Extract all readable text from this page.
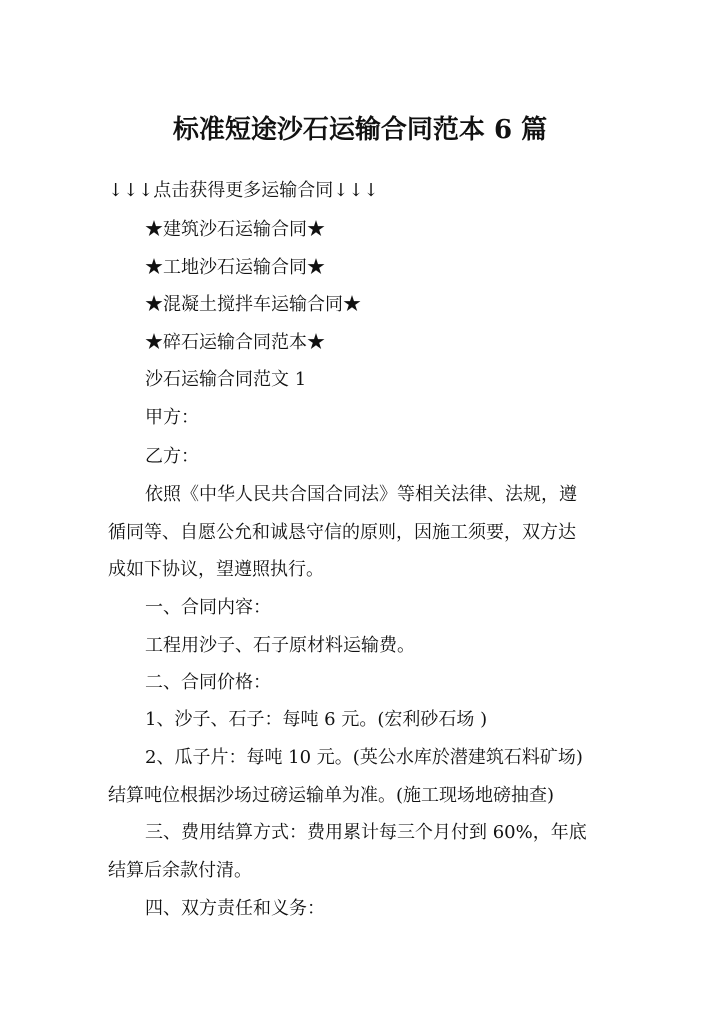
标准短途沙石运输合同范本 6 篇
↓↓↓点击获得更多运输合同↓↓↓
★建筑沙石运输合同★
★工地沙石运输合同★
★混凝土搅拌车运输合同★
★碎石运输合同范本★
沙石运输合同范文 1
甲方：
乙方：
依照《中华人民共合国合同法》等相关法律、法规，遵
循同等、自愿公允和诚恳守信的原则，因施工须要，双方达
成如下协议，望遵照执行。
一、合同内容：
工程用沙子、石子原材料运输费。
二、合同价格：
1、沙子、石子：每吨 6 元。(宏利砂石场 )
2、瓜子片：每吨 10 元。(英公水库於潜建筑石料矿场)
结算吨位根据沙场过磅运输单为准。(施工现场地磅抽查)
三、费用结算方式：费用累计每三个月付到 60%，年底
结算后余款付清。
四、双方责任和义务：
